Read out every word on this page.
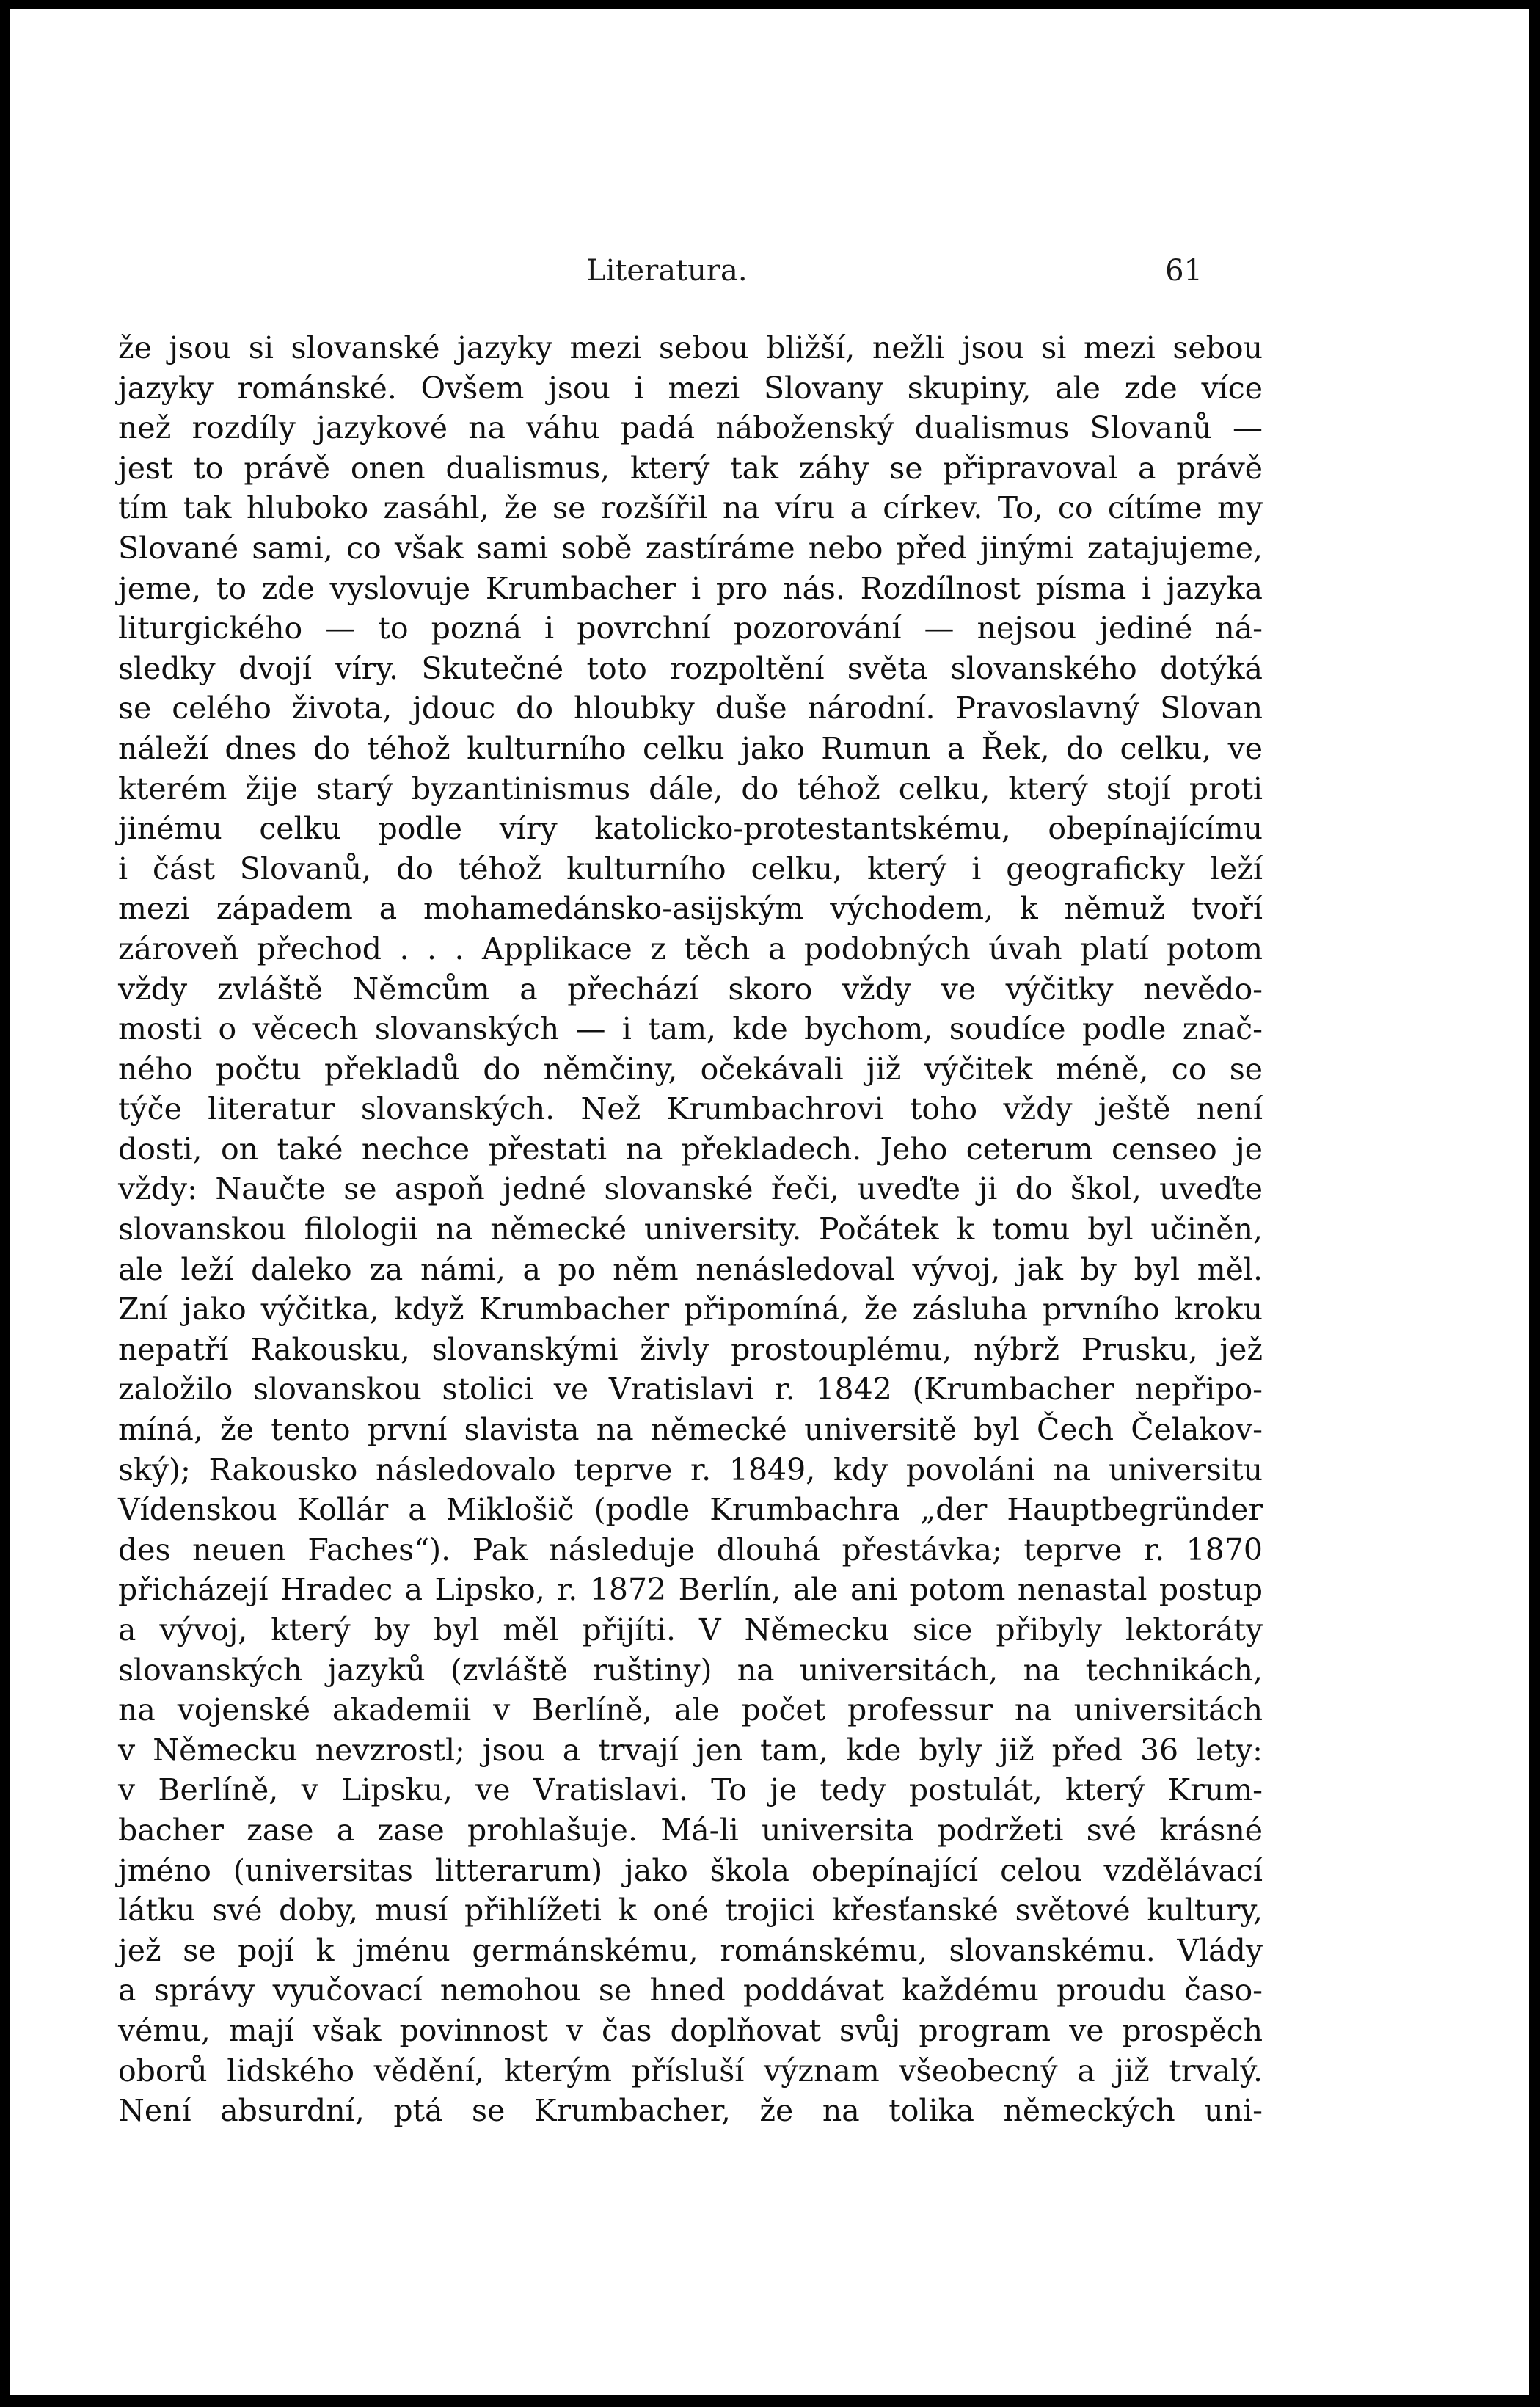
Literatura.	61
že jsou si slovanské jazyky mezi sebou bližší, nežli jsou si mezi sebou
jazyky románské. Ovšem jsou i mezi Slovany skupiny, ale zde více
než rozdíly jazykové na váhu padá náboženský dualismus Slovanů —
jest to právě onen dualismus, který tak záhy se připravoval a právě
tím tak hluboko zasáhl, že se rozšířil na víru a církev. To, co cítíme my
Slované sami, co však sami sobě zastíráme nebo před jinými zatajujeme,
jeme, to zde vyslovuje Krumbacher i pro nás. Rozdílnost písma i jazyka
liturgického — to pozná i povrchní pozorování — nejsou jediné ná-
sledky dvojí víry. Skutečné toto rozpoltění světa slovanského dotýká
se celého života, jdouc do hloubky duše národní. Pravoslavný Slovan
náleží dnes do téhož kulturního celku jako Rumun a Řek, do celku, ve
kterém žije starý byzantinismus dále, do téhož celku, který stojí proti
jinému celku podle víry katolicko-protestantskému, obepínajícímu
i část Slovanů, do téhož kulturního celku, který i geograficky leží
mezi západem a mohamedánsko-asijským východem, k němuž tvoří
zároveň přechod . . . Applikace z těch a podobných úvah platí potom
vždy zvláště Němcům a přechází skoro vždy ve výčitky nevědo-
mosti o věcech slovanských — i tam, kde bychom, soudíce podle znač-
ného počtu překladů do němčiny, očekávali již výčitek méně, co se
týče literatur slovanských. Než Krumbachrovi toho vždy ještě není
dosti, on také nechce přestati na překladech. Jeho ceterum censeo je
vždy: Naučte se aspoň jedné slovanské řeči, uveďte ji do škol, uveďte
slovanskou filologii na německé university. Počátek k tomu byl učiněn,
ale leží daleko za námi, a po něm nenásledoval vývoj, jak by byl měl.
Zní jako výčitka, když Krumbacher připomíná, že zásluha prvního kroku
nepatří Rakousku, slovanskými živly prostouplému, nýbrž Prusku, jež
založilo slovanskou stolici ve Vratislavi r. 1842 (Krumbacher nepřipo-
míná, že tento první slavista na německé universitě byl Čech Čelakov-
ský); Rakousko následovalo teprve r. 1849, kdy povoláni na universitu
Vídenskou Kollár a Miklošič (podle Krumbachra „der Hauptbegründer
des neuen Faches“). Pak následuje dlouhá přestávka; teprve r. 1870
přicházejí Hradec a Lipsko, r. 1872 Berlín, ale ani potom nenastal postup
a vývoj, který by byl měl přijíti. V Německu sice přibyly lektoráty
slovanských jazyků (zvláště ruštiny) na universitách, na technikách,
na vojenské akademii v Berlíně, ale počet professur na universitách
v Německu nevzrostl; jsou a trvají jen tam, kde byly již před 36 lety:
v Berlíně, v Lipsku, ve Vratislavi. To je tedy postulát, který Krum-
bacher zase a zase prohlašuje. Má-li universita podržeti své krásné
jméno (universitas litterarum) jako škola obepínající celou vzdělávací
látku své doby, musí přihlížeti k oné trojici křesťanské světové kultury,
jež se pojí k jménu germánskému, románskému, slovanskému. Vlády
a správy vyučovací nemohou se hned poddávat každému proudu časo-
vému, mají však povinnost v čas doplňovat svůj program ve prospěch
oborů lidského vědění, kterým přísluší význam všeobecný a již trvalý.
Není absurdní, ptá se Krumbacher, že na tolika německých uni-
